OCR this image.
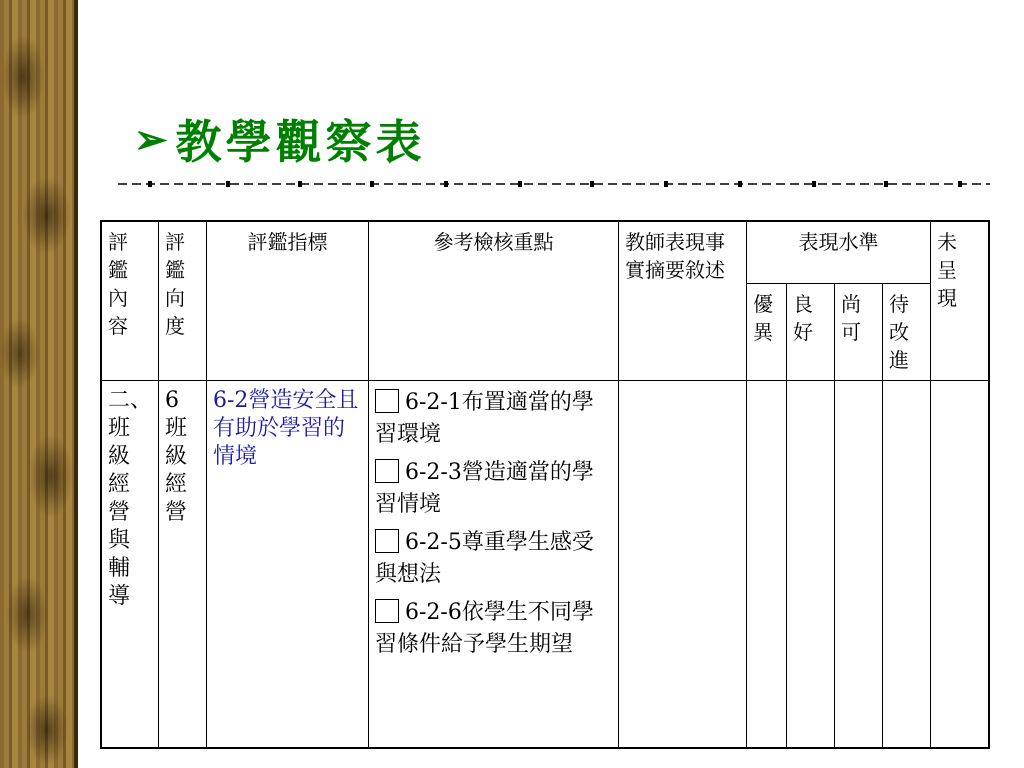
➢ 教學觀察表
評鑑內容	評鑑向度	評鑑指標	參考檢核重點	教師表現事實摘要敘述	表現水準				未呈現

					優異	良好	尚可	待改進	

二、班級經營與輔導	6 班級經營	6-2營造安全且有助於學習的情境	6-2-1布置適當的學習環境
6-2-3營造適當的學習情境
6-2-5尊重學生感受與想法
6-2-6依學生不同學習條件給予學生期望						
